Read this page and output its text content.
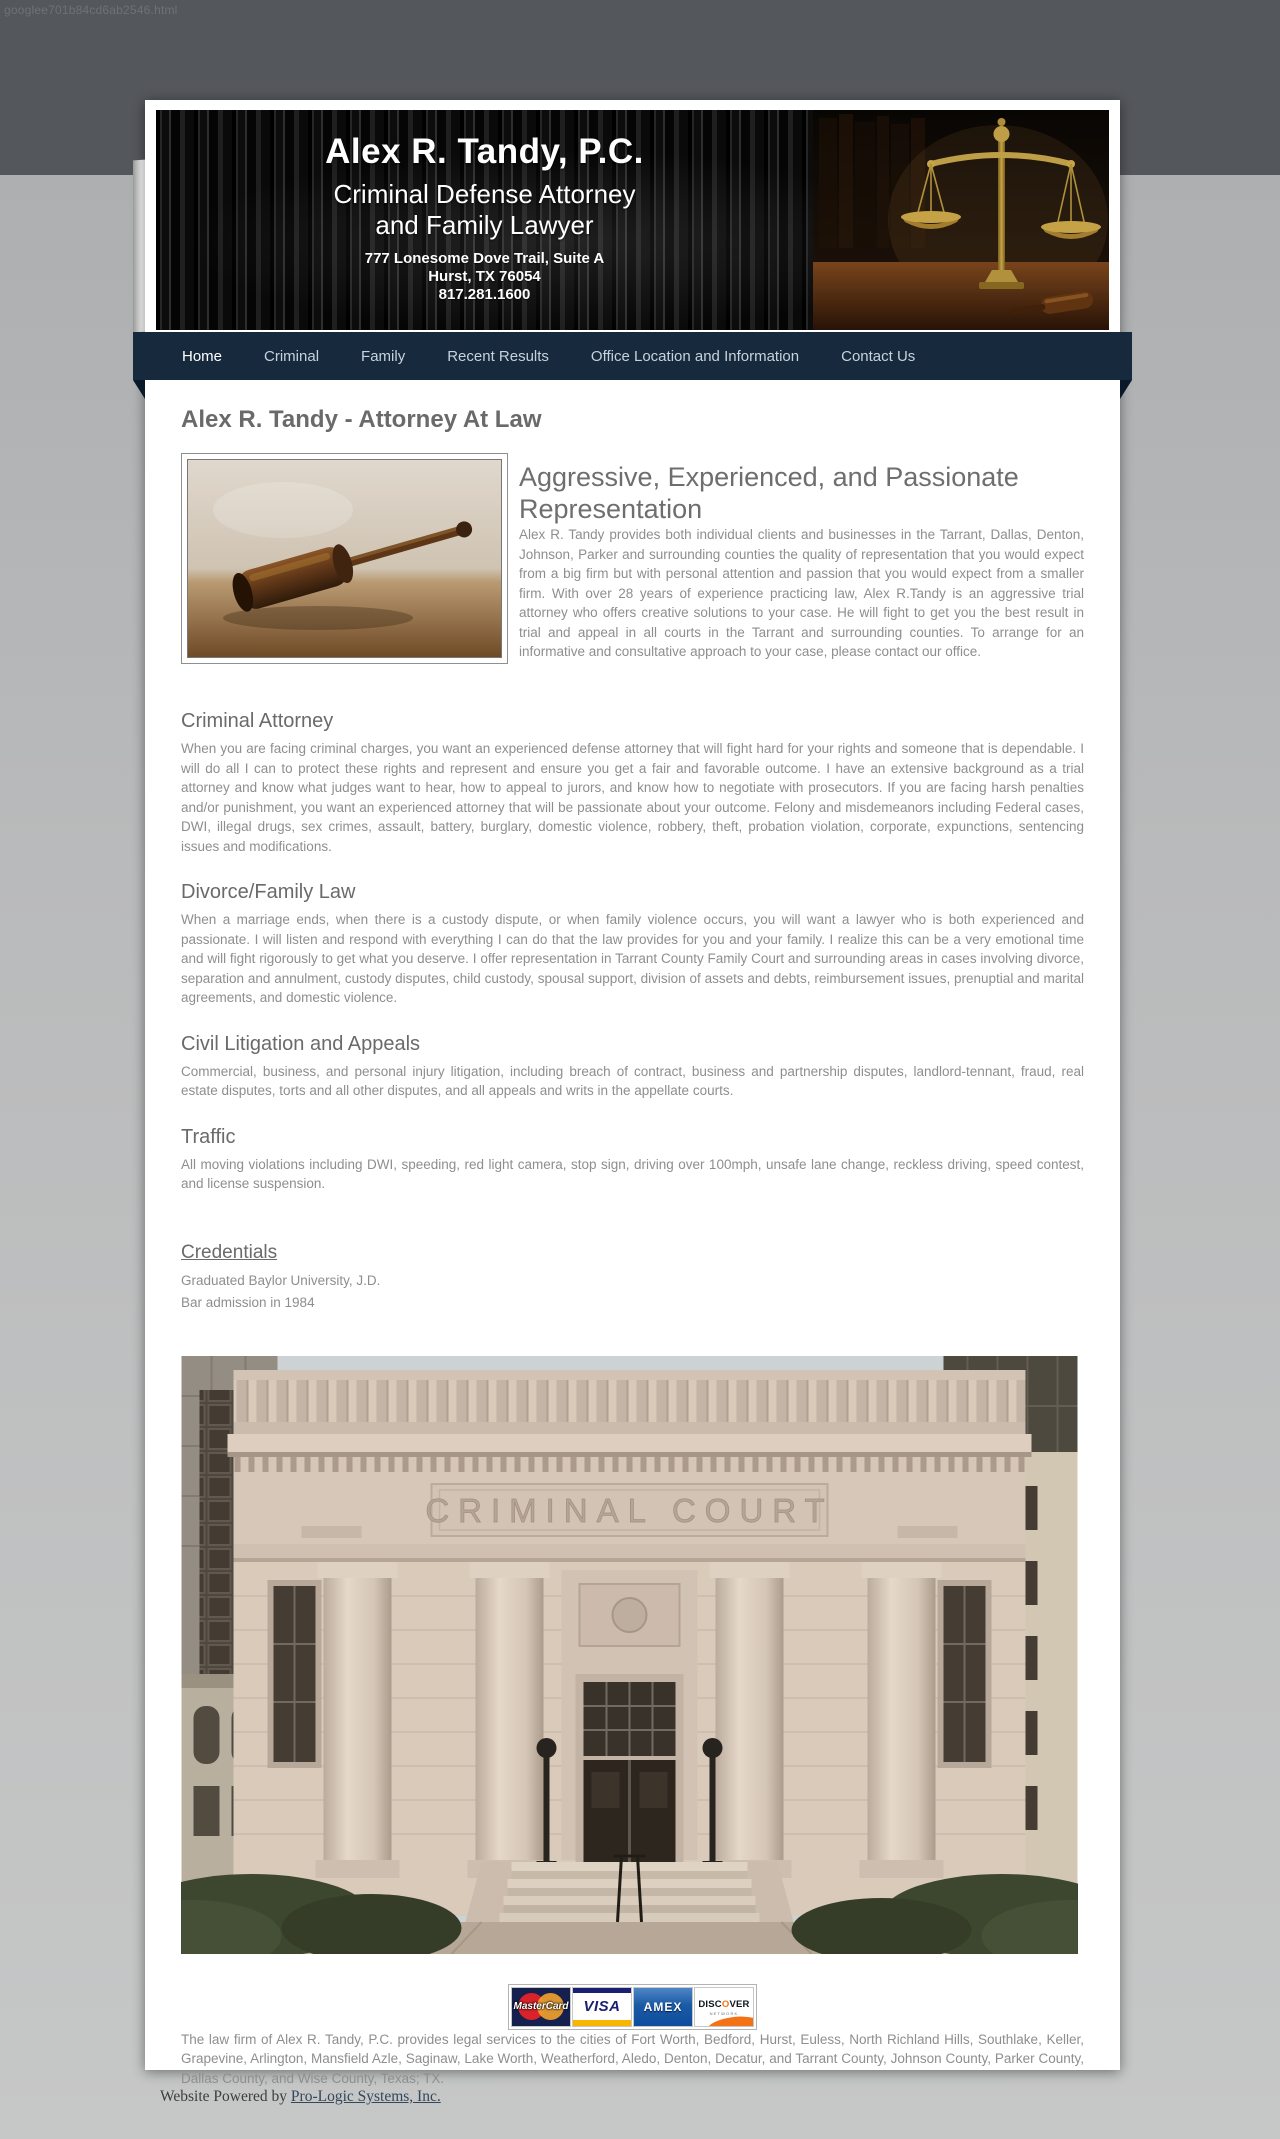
googlee701b84cd6ab2546.html
Alex R. Tandy, P.C.
Criminal Defense Attorney
and Family Lawyer
777 Lonesome Dove Trail, Suite A
Hurst, TX 76054
817.281.1600
Home	Criminal	Family	Recent Results	Office Location and Information	Contact Us
Alex R. Tandy - Attorney At Law
Aggressive, Experienced, and Passionate Representation

Alex R. Tandy provides both individual clients and businesses in the Tarrant, Dallas, Denton, Johnson, Parker and surrounding counties the quality of representation that you would expect from a big firm but with personal attention and passion that you would expect from a smaller firm. With over 28 years of experience practicing law, Alex R.Tandy is an aggressive trial attorney who offers creative solutions to your case. He will fight to get you the best result in trial and appeal in all courts in the Tarrant and surrounding counties. To arrange for an informative and consultative approach to your case, please contact our office.

Criminal Attorney

When you are facing criminal charges, you want an experienced defense attorney that will fight hard for your rights and someone that is dependable. I will do all I can to protect these rights and represent and ensure you get a fair and favorable outcome. I have an extensive background as a trial attorney and know what judges want to hear, how to appeal to jurors, and know how to negotiate with prosecutors. If you are facing harsh penalties and/or punishment, you want an experienced attorney that will be passionate about your outcome. Felony and misdemeanors including Federal cases, DWI, illegal drugs, sex crimes, assault, battery, burglary, domestic violence, robbery, theft, probation violation, corporate, expunctions, sentencing issues and modifications.

Divorce/Family Law

When a marriage ends, when there is a custody dispute, or when family violence occurs, you will want a lawyer who is both experienced and passionate. I will listen and respond with everything I can do that the law provides for you and your family. I realize this can be a very emotional time and will fight rigorously to get what you deserve. I offer representation in Tarrant County Family Court and surrounding areas in cases involving divorce, separation and annulment, custody disputes, child custody, spousal support, division of assets and debts, reimbursement issues, prenuptial and marital agreements, and domestic violence.

Civil Litigation and Appeals

Commercial, business, and personal injury litigation, including breach of contract, business and partnership disputes, landlord-tennant, fraud, real estate disputes, torts and all other disputes, and all appeals and writs in the appellate courts.

Traffic

All moving violations including DWI, speeding, red light camera, stop sign, driving over 100mph, unsafe lane change, reckless driving, speed contest, and license suspension.

Credentials

Graduated Baylor University, J.D.

Bar admission in 1984

CRIMINAL COURT
MasterCard VISA	AMEX	DISCOVER
NETWORK

The law firm of Alex R. Tandy, P.C. provides legal services to the cities of Fort Worth, Bedford, Hurst, Euless, North Richland Hills, Southlake, Keller, Grapevine, Arlington, Mansfield Azle, Saginaw, Lake Worth, Weatherford, Aledo, Denton, Decatur, and Tarrant County, Johnson County, Parker County, Dallas County, and Wise County, Texas; TX.

Website Powered by Pro-Logic Systems, Inc.
